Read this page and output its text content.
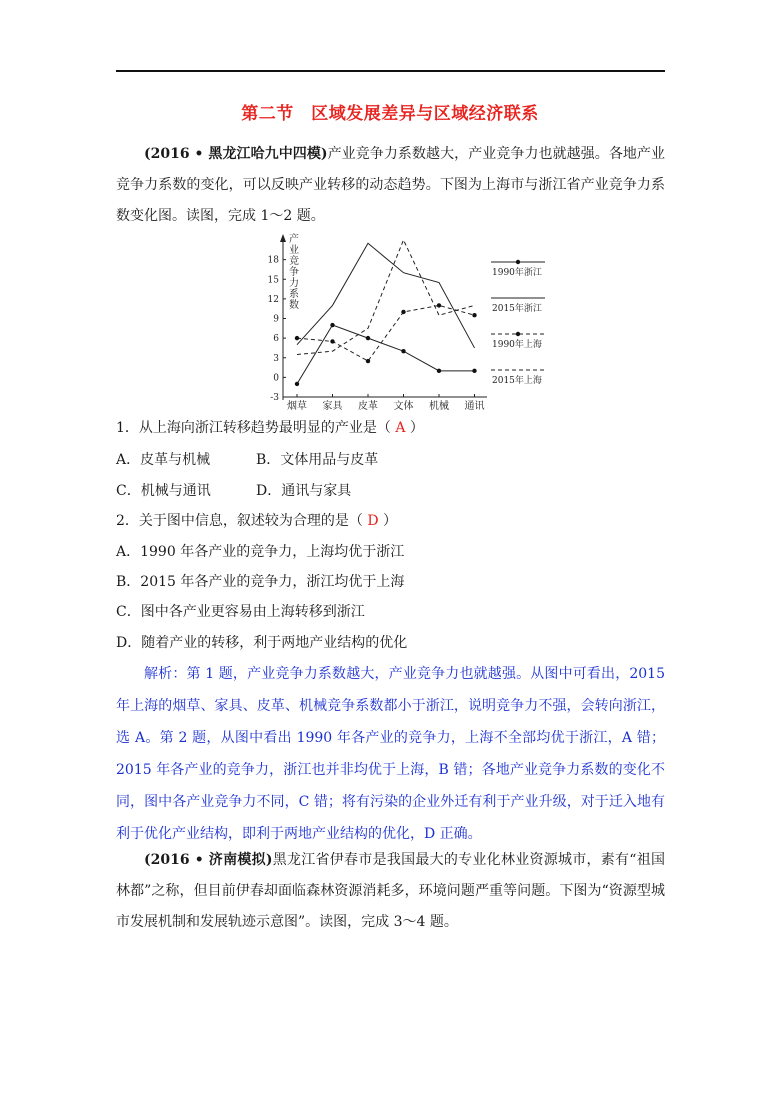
第二节　区域发展差异与区域经济联系

(2016 • 黑龙江哈九中四模)产业竞争力系数越大，产业竞争力也就越强。各地产业竞争力系数的变化，可以反映产业转移的动态趋势。下图为上海市与浙江省产业竞争力系数变化图。读图，完成 1～2 题。

18
15
12
9
6
3
0
-3
产
业
竞
争
力
系
数
烟草 家具 皮革 文体 机械 通讯
1990年浙江
2015年浙江
1990年上海
2015年上海

1．从上海向浙江转移趋势最明显的产业是（ A ）

A．皮革与机械	B．文体用品与皮革

C．机械与通讯	D．通讯与家具

2．关于图中信息，叙述较为合理的是（ D ）

A．1990 年各产业的竞争力，上海均优于浙江

B．2015 年各产业的竞争力，浙江均优于上海

C．图中各产业更容易由上海转移到浙江

D．随着产业的转移，利于两地产业结构的优化

解析：第 1 题，产业竞争力系数越大，产业竞争力也就越强。从图中可看出，2015 年上海的烟草、家具、皮革、机械竞争系数都小于浙江，说明竞争力不强，会转向浙江，选 A。第 2 题，从图中看出 1990 年各产业的竞争力，上海不全部均优于浙江，A 错；2015 年各产业的竞争力，浙江也并非均优于上海，B 错；各地产业竞争力系数的变化不同，图中各产业竞争力不同，C 错；将有污染的企业外迁有利于产业升级，对于迁入地有利于优化产业结构，即利于两地产业结构的优化，D 正确。

(2016 • 济南模拟)黑龙江省伊春市是我国最大的专业化林业资源城市，素有“祖国林都”之称，但目前伊春却面临森林资源消耗多，环境问题严重等问题。下图为“资源型城市发展机制和发展轨迹示意图”。读图，完成 3～4 题。
